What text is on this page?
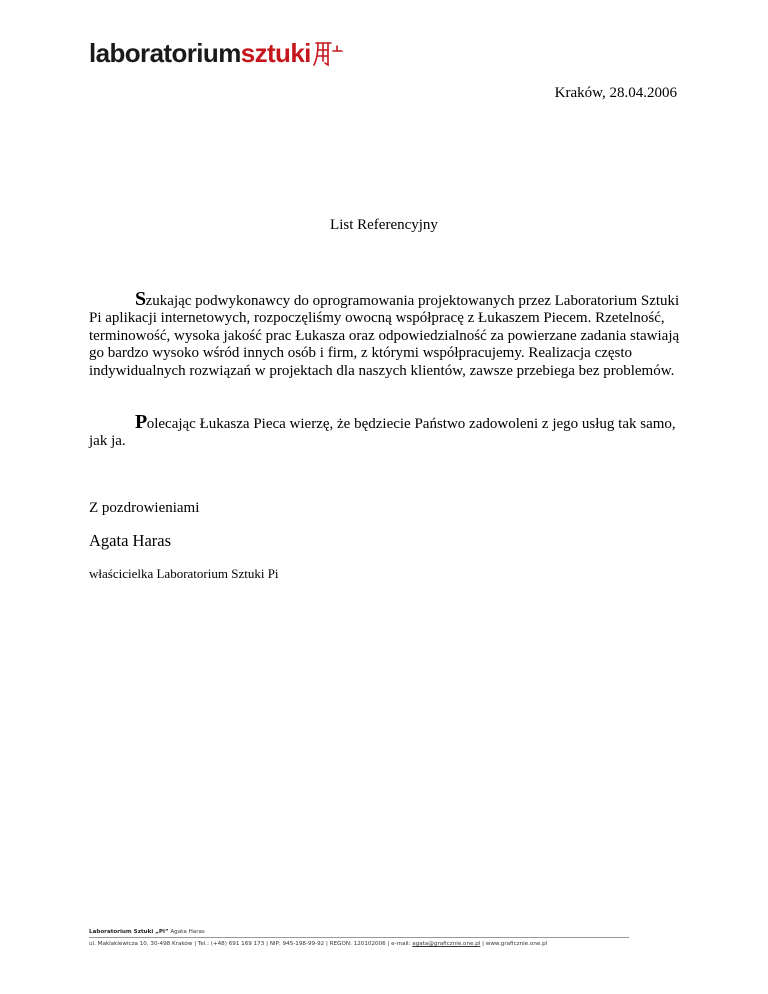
laboratorium sztuki
Kraków, 28.04.2006
List Referencyjny
Szukając podwykonawcy do oprogramowania projektowanych przez Laboratorium Sztuki Pi aplikacji internetowych, rozpoczęliśmy owocną współpracę z Łukaszem Piecem. Rzetelność, terminowość, wysoka jakość prac Łukasza oraz odpowiedzialność za powierzane zadania stawiają go bardzo wysoko wśród innych osób i firm, z którymi współpracujemy. Realizacja często indywidualnych rozwiązań w projektach dla naszych klientów, zawsze przebiega bez problemów.
Polecając Łukasza Pieca wierzę, że będziecie Państwo zadowoleni z jego usług tak samo, jak ja.
Z pozdrowieniami
Agata Haras
właścicielka Laboratorium Sztuki Pi
Laboratorium Sztuki „Pi” Agata Haras
ul. Maklakiewicza 10, 30-498 Kraków | Tel.: (+48) 691 169 173 | NIP: 945-198-99-92 | REGON: 120102006 | e-mail: agata@graficznie.one.pl | www.graficznie.one.pl
